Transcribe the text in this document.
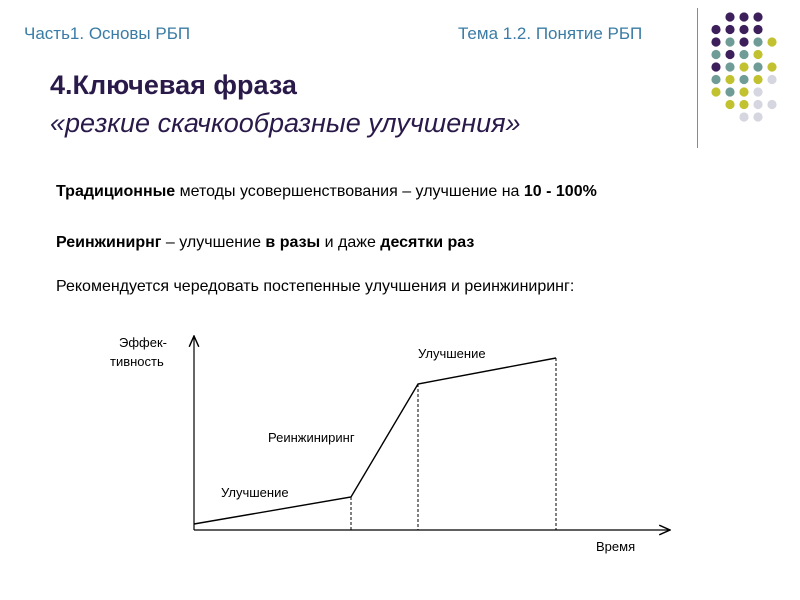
Часть1. Основы РБП	Тема 1.2. Понятие РБП
4.Ключевая фраза
«резкие скачкообразные улучшения»
Традиционные методы усовершенствования – улучшение на 10 - 100%
Реинжинирнг – улучшение в разы и даже десятки раз
Рекомендуется чередовать постепенные улучшения и реинжиниринг:
Эффек-
тивность
Время
Улучшение
Реинжиниринг
Улучшение
